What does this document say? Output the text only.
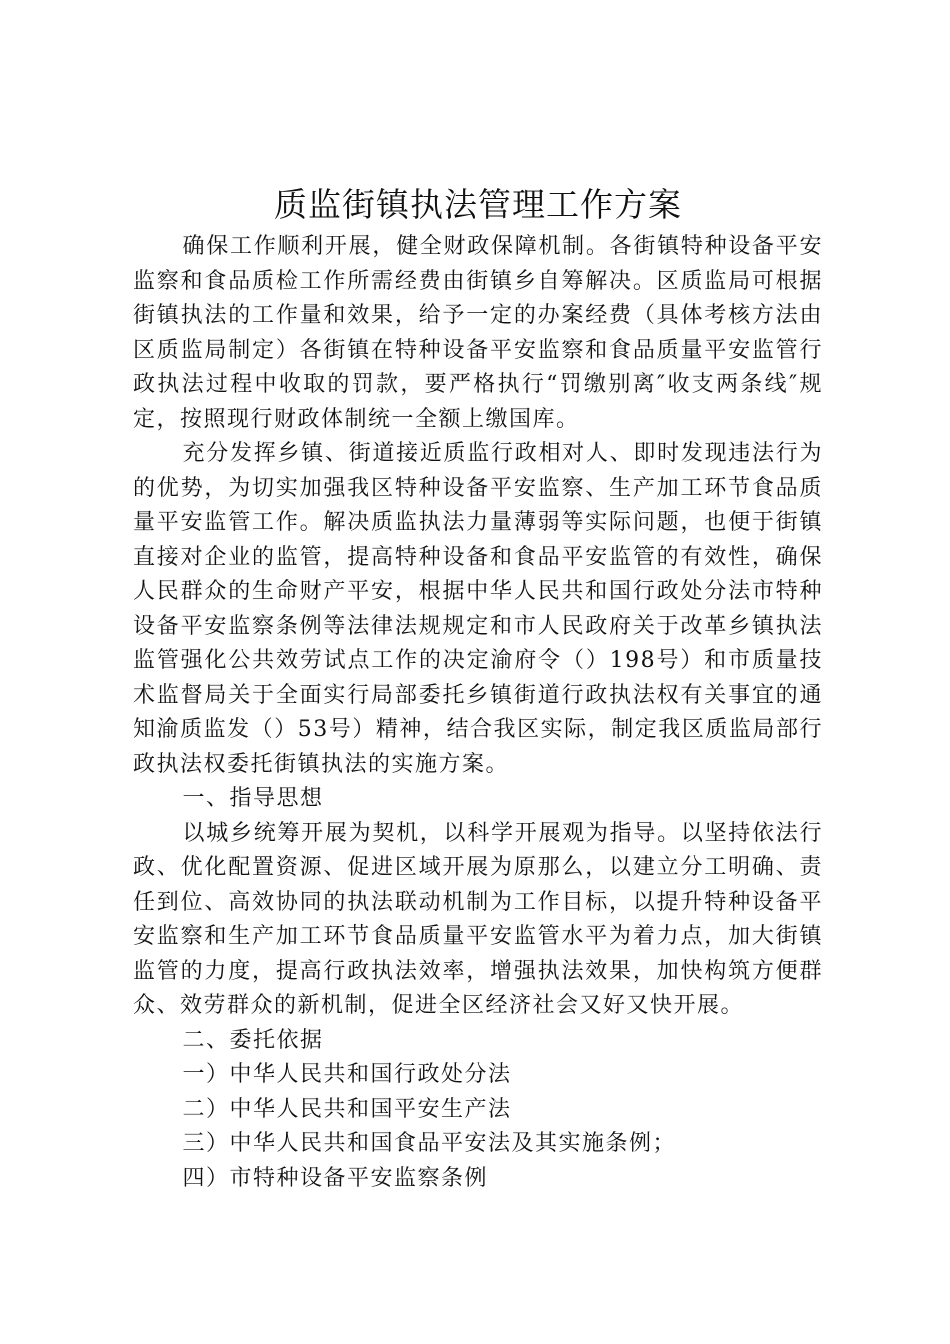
质监街镇执法管理工作方案

确保工作顺利开展，健全财政保障机制。各街镇特种设备平安监察和食品质检工作所需经费由街镇乡自筹解决。区质监局可根据街镇执法的工作量和效果，给予一定的办案经费（具体考核方法由区质监局制定）各街镇在特种设备平安监察和食品质量平安监管行政执法过程中收取的罚款，要严格执行“罚缴别离″收支两条线″规定，按照现行财政体制统一全额上缴国库。

充分发挥乡镇、街道接近质监行政相对人、即时发现违法行为的优势，为切实加强我区特种设备平安监察、生产加工环节食品质量平安监管工作。解决质监执法力量薄弱等实际问题，也便于街镇直接对企业的监管，提高特种设备和食品平安监管的有效性，确保人民群众的生命财产平安，根据中华人民共和国行政处分法市特种设备平安监察条例等法律法规规定和市人民政府关于改革乡镇执法监管强化公共效劳试点工作的决定渝府令（）198号）和市质量技术监督局关于全面实行局部委托乡镇街道行政执法权有关事宜的通知渝质监发（）53号）精神，结合我区实际，制定我区质监局部行政执法权委托街镇执法的实施方案。

一、指导思想

以城乡统筹开展为契机，以科学开展观为指导。以坚持依法行政、优化配置资源、促进区域开展为原那么，以建立分工明确、责任到位、高效协同的执法联动机制为工作目标，以提升特种设备平安监察和生产加工环节食品质量平安监管水平为着力点，加大街镇监管的力度，提高行政执法效率，增强执法效果，加快构筑方便群众、效劳群众的新机制，促进全区经济社会又好又快开展。

二、委托依据

一）中华人民共和国行政处分法

二）中华人民共和国平安生产法

三）中华人民共和国食品平安法及其实施条例；

四）市特种设备平安监察条例
